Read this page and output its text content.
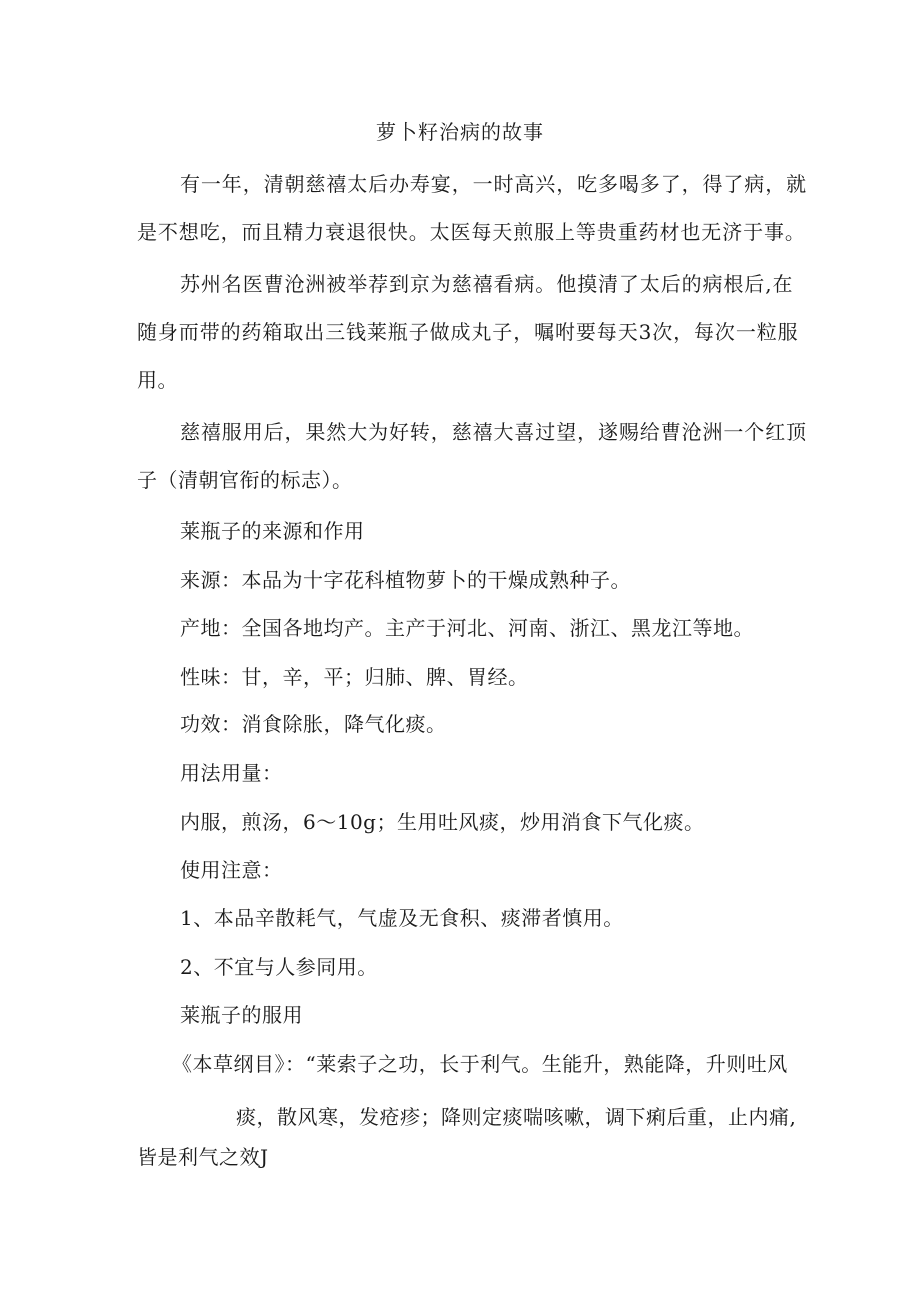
萝卜籽治病的故事
有一年，清朝慈禧太后办寿宴，一时高兴，吃多喝多了，得了病，就
是不想吃，而且精力衰退很快。太医每天煎服上等贵重药材也无济于事。
苏州名医曹沧洲被举荐到京为慈禧看病。他摸清了太后的病根后,在
随身而带的药箱取出三钱莱瓶子做成丸子，嘱咐要每天3次，每次一粒服
用。
慈禧服用后，果然大为好转，慈禧大喜过望，遂赐给曹沧洲一个红顶
子（清朝官衔的标志）。
莱瓶子的来源和作用
来源：本品为十字花科植物萝卜的干燥成熟种子。
产地：全国各地均产。主产于河北、河南、浙江、黑龙江等地。
性味：甘，辛，平；归肺、脾、胃经。
功效：消食除胀，降气化痰。
用法用量：
内服，煎汤，6～10g；生用吐风痰，炒用消食下气化痰。
使用注意：
1、本品辛散耗气，气虚及无食积、痰滞者慎用。
2、不宜与人参同用。
莱瓶子的服用
《本草纲目》：“莱索子之功，长于利气。生能升，熟能降，升则吐风
痰，散风寒，发疮疹；降则定痰喘咳嗽，调下痢后重，止内痛,
皆是利气之效J
